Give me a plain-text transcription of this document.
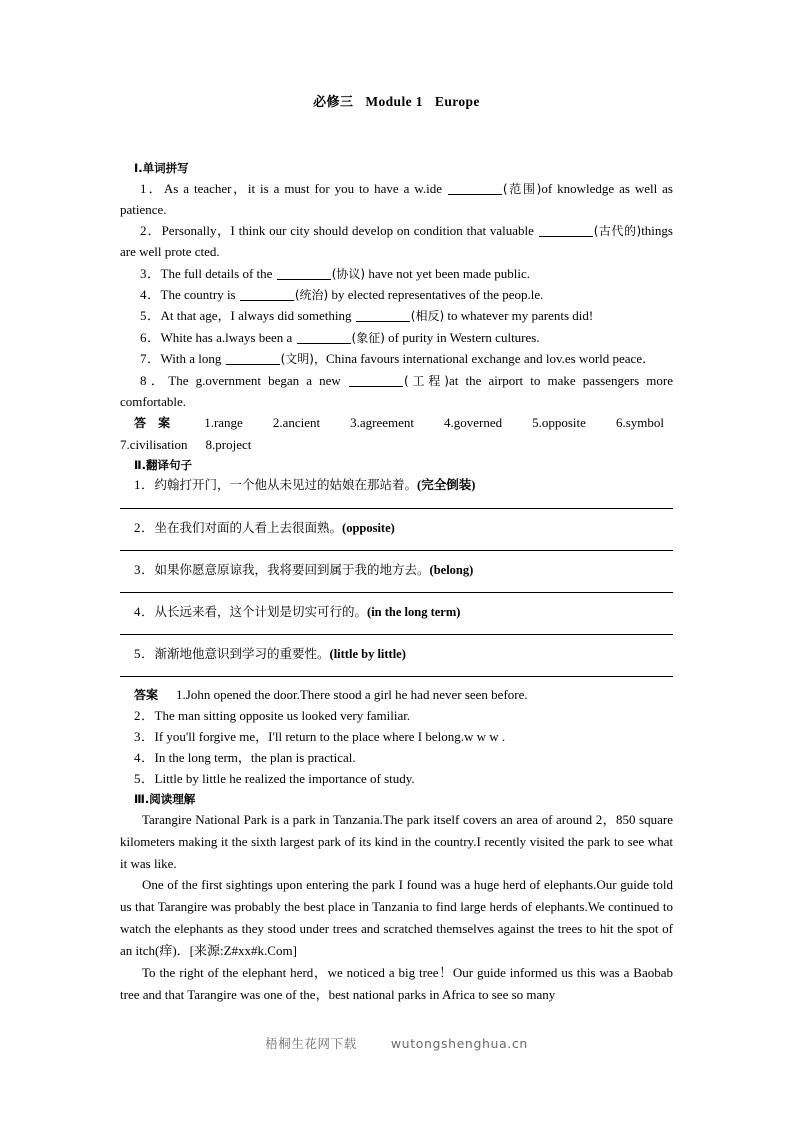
必修三 Module 1 Europe
Ⅰ.单词拼写

1．As a teacher，it is a must for you to have a w.ide	(范围)of knowledge as well as patience.

2．Personally，I think our city should develop on condition that valuable	(古代的)things are well prote cted.

3．The full details of the	(协议) have not yet been made public.

4．The country is	(统治) by elected representatives of the peop.le.

5．At that age，I always did something	(相反) to whatever my parents did!

6．White has a.lways been a	(象征) of purity in Western cultures.

7．With a long	(文明)，China favours international exchange and lov.es world peace．

8．The g.overnment began a new	(工程)at the airport to make passengers more comfortable.

答 案 1.range 2.ancient 3.agreement 4.governed 5.opposite 6.symbol
7.civilisation 8.project
Ⅱ.翻译句子

1．约翰打开门，一个他从未见过的姑娘在那站着。(完全倒装)

2．坐在我们对面的人看上去很面熟。(opposite)

3．如果你愿意原谅我，我将要回到属于我的地方去。(belong)

4．从长远来看，这个计划是切实可行的。(in the long term)

5．渐渐地他意识到学习的重要性。(little by little)

答案 1.John opened the door.There stood a girl he had never seen before.
2．The man sitting opposite us looked very familiar.
3．If you'll forgive me，I'll return to the place where I belong.w w w .
4．In the long term，the plan is practical.
5．Little by little he realized the importance of study.
Ⅲ.阅读理解

Tarangire National Park is a park in Tanzania.The park itself covers an area of around 2，850 square kilometers making it the sixth largest park of its kind in the country.I recently visited the park to see what it was like.

One of the first sightings upon entering the park I found was a huge herd of elephants.Our guide told us that Tarangire was probably the best place in Tanzania to find large herds of elephants.We continued to watch the elephants as they stood under trees and scratched themselves against the trees to hit the spot of an itch(痒)．[来源:Z#xx#k.Com]

To the right of the elephant herd，we noticed a big tree！Our guide informed us this was a Baobab tree and that Tarangire was one of the，best national parks in Africa to see so many

梧桐生花网下载	wutongshenghua.cn
